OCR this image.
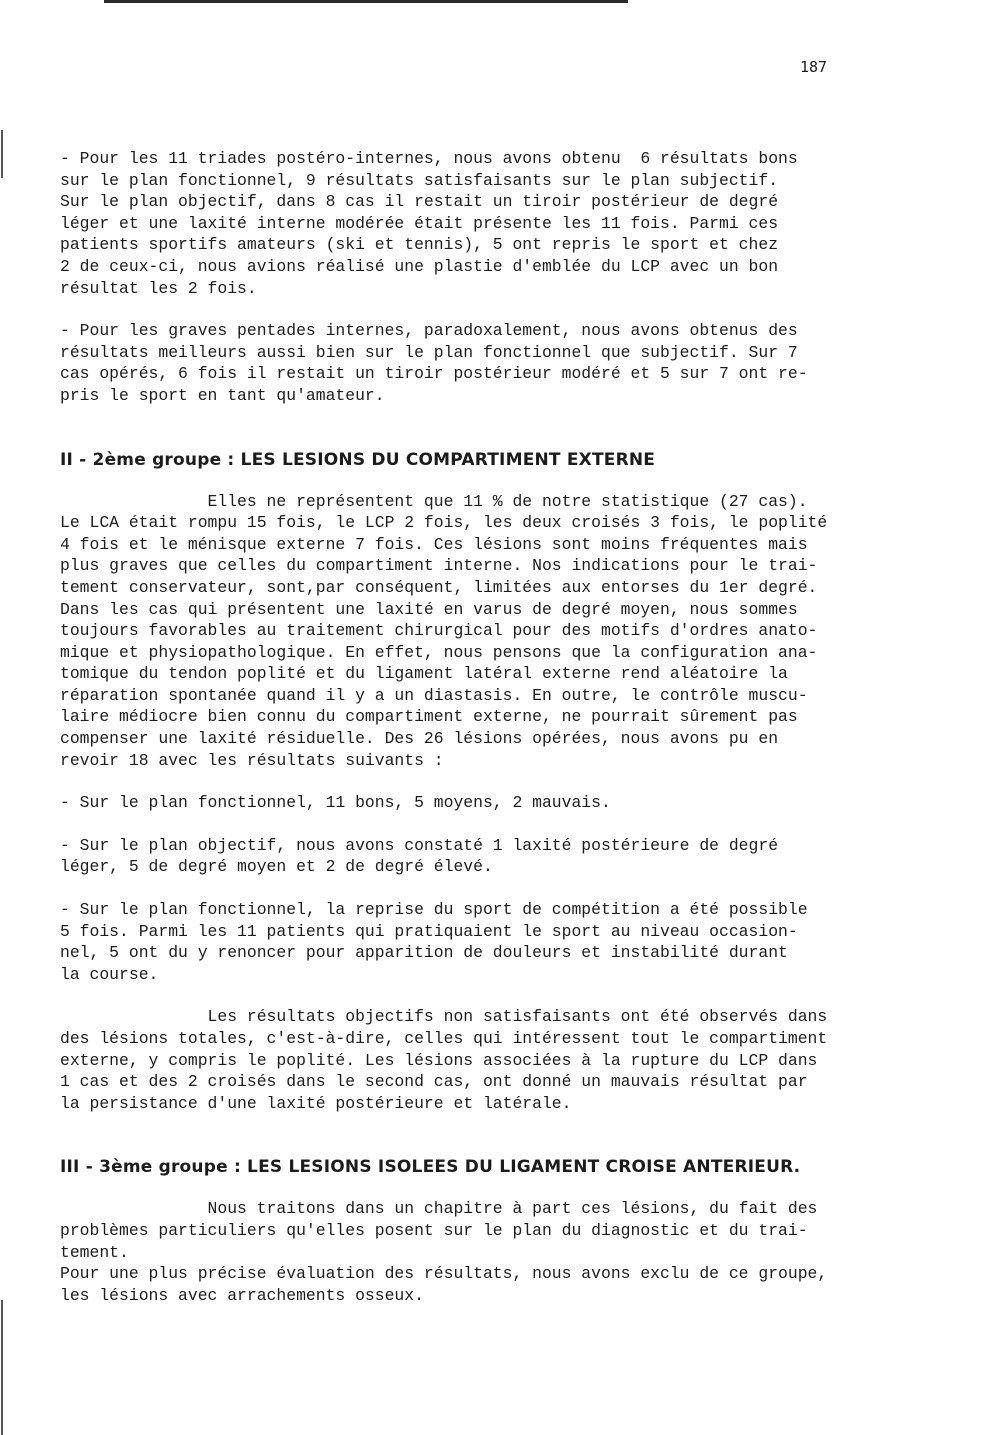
187

- Pour les 11 triades postéro-internes, nous avons obtenu  6 résultats bons
sur le plan fonctionnel, 9 résultats satisfaisants sur le plan subjectif.
Sur le plan objectif, dans 8 cas il restait un tiroir postérieur de degré
léger et une laxité interne modérée était présente les 11 fois. Parmi ces
patients sportifs amateurs (ski et tennis), 5 ont repris le sport et chez
2 de ceux-ci, nous avions réalisé une plastie d'emblée du LCP avec un bon
résultat les 2 fois.

- Pour les graves pentades internes, paradoxalement, nous avons obtenus des
résultats meilleurs aussi bien sur le plan fonctionnel que subjectif. Sur 7
cas opérés, 6 fois il restait un tiroir postérieur modéré et 5 sur 7 ont re-
pris le sport en tant qu'amateur.

II - 2ème groupe : LES LESIONS DU COMPARTIMENT EXTERNE

Elles ne représentent que 11 % de notre statistique (27 cas).
Le LCA était rompu 15 fois, le LCP 2 fois, les deux croisés 3 fois, le poplité
4 fois et le ménisque externe 7 fois. Ces lésions sont moins fréquentes mais
plus graves que celles du compartiment interne. Nos indications pour le trai-
tement conservateur, sont,par conséquent, limitées aux entorses du 1er degré.
Dans les cas qui présentent une laxité en varus de degré moyen, nous sommes
toujours favorables au traitement chirurgical pour des motifs d'ordres anato-
mique et physiopathologique. En effet, nous pensons que la configuration ana-
tomique du tendon poplité et du ligament latéral externe rend aléatoire la
réparation spontanée quand il y a un diastasis. En outre, le contrôle muscu-
laire médiocre bien connu du compartiment externe, ne pourrait sûrement pas
compenser une laxité résiduelle. Des 26 lésions opérées, nous avons pu en
revoir 18 avec les résultats suivants :

- Sur le plan fonctionnel, 11 bons, 5 moyens, 2 mauvais.

- Sur le plan objectif, nous avons constaté 1 laxité postérieure de degré
léger, 5 de degré moyen et 2 de degré élevé.

- Sur le plan fonctionnel, la reprise du sport de compétition a été possible
5 fois. Parmi les 11 patients qui pratiquaient le sport au niveau occasion-
nel, 5 ont du y renoncer pour apparition de douleurs et instabilité durant
la course.

Les résultats objectifs non satisfaisants ont été observés dans
des lésions totales, c'est-à-dire, celles qui intéressent tout le compartiment
externe, y compris le poplité. Les lésions associées à la rupture du LCP dans
1 cas et des 2 croisés dans le second cas, ont donné un mauvais résultat par
la persistance d'une laxité postérieure et latérale.

III - 3ème groupe : LES LESIONS ISOLEES DU LIGAMENT CROISE ANTERIEUR.

Nous traitons dans un chapitre à part ces lésions, du fait des
problèmes particuliers qu'elles posent sur le plan du diagnostic et du trai-
tement.
Pour une plus précise évaluation des résultats, nous avons exclu de ce groupe,
les lésions avec arrachements osseux.
